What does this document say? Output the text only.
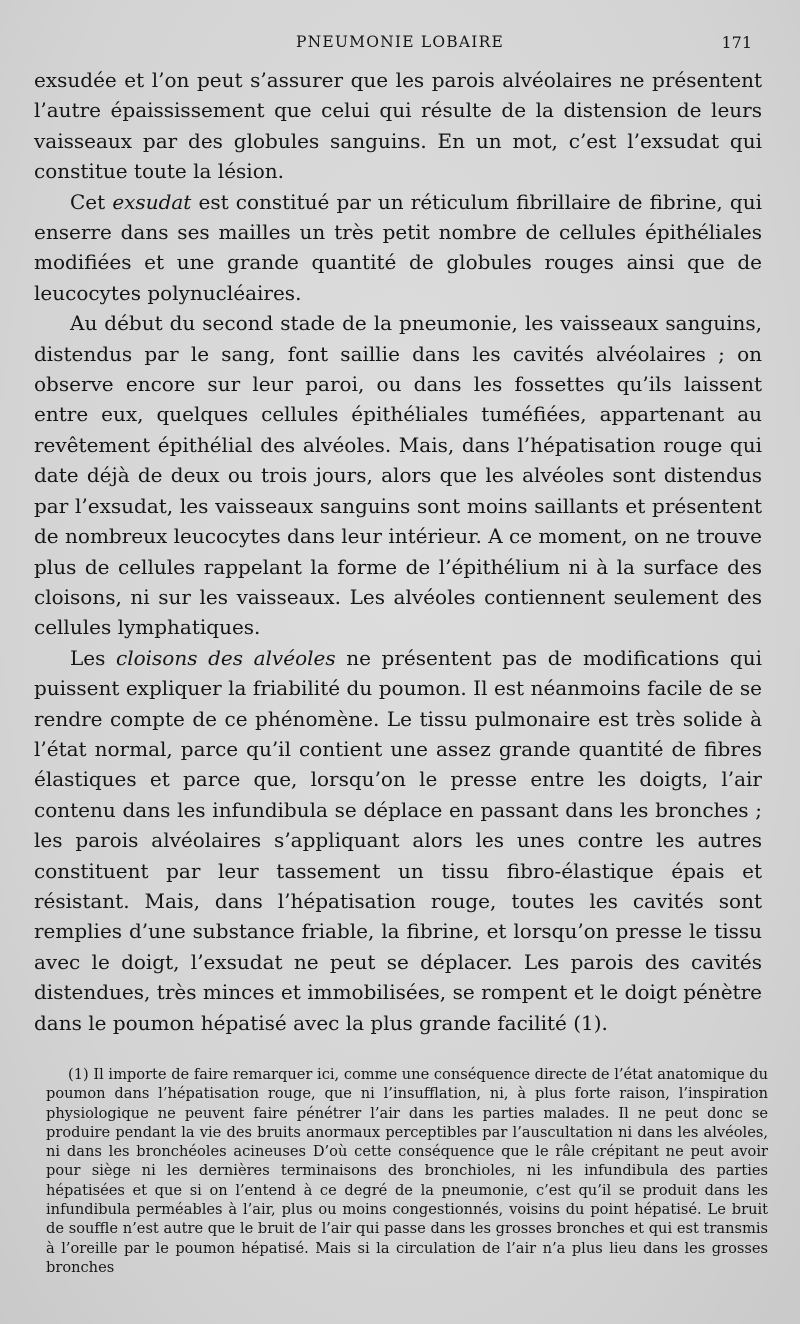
PNEUMONIE LOBAIRE	171

exsudée et l’on peut s’assurer que les parois alvéolaires ne présentent l’autre épaississement que celui qui résulte de la distension de leurs vaisseaux par des globules sanguins. En un mot, c’est l’exsudat qui constitue toute la lésion.

Cet exsudat est constitué par un réticulum fibrillaire de fibrine, qui enserre dans ses mailles un très petit nombre de cellules épithéliales modifiées et une grande quantité de globules rouges ainsi que de leucocytes polynucléaires.

Au début du second stade de la pneumonie, les vaisseaux sanguins, distendus par le sang, font saillie dans les cavités alvéolaires ; on observe encore sur leur paroi, ou dans les fossettes qu’ils laissent entre eux, quelques cellules épithéliales tuméfiées, appartenant au revêtement épithélial des alvéoles. Mais, dans l’hépatisation rouge qui date déjà de deux ou trois jours, alors que les alvéoles sont distendus par l’exsudat, les vaisseaux sanguins sont moins saillants et présentent de nombreux leucocytes dans leur intérieur. A ce moment, on ne trouve plus de cellules rappelant la forme de l’épithélium ni à la surface des cloisons, ni sur les vaisseaux. Les alvéoles contiennent seulement des cellules lymphatiques.

Les cloisons des alvéoles ne présentent pas de modifications qui puissent expliquer la friabilité du poumon. Il est néanmoins facile de se rendre compte de ce phénomène. Le tissu pulmonaire est très solide à l’état normal, parce qu’il contient une assez grande quantité de fibres élastiques et parce que, lorsqu’on le presse entre les doigts, l’air contenu dans les infundibula se déplace en passant dans les bronches ; les parois alvéolaires s’appliquant alors les unes contre les autres constituent par leur tassement un tissu fibro-élastique épais et résistant. Mais, dans l’hépatisation rouge, toutes les cavités sont remplies d’une substance friable, la fibrine, et lorsqu’on presse le tissu avec le doigt, l’exsudat ne peut se déplacer. Les parois des cavités distendues, très minces et immobilisées, se rompent et le doigt pénètre dans le poumon hépatisé avec la plus grande facilité (1).

(1) Il importe de faire remarquer ici, comme une conséquence directe de l’état anatomique du poumon dans l’hépatisation rouge, que ni l’insufflation, ni, à plus forte raison, l’inspiration physiologique ne peuvent faire pénétrer l’air dans les parties malades. Il ne peut donc se produire pendant la vie des bruits anormaux perceptibles par l’auscultation ni dans les alvéoles, ni dans les bronchéoles acineuses D’où cette conséquence que le râle crépitant ne peut avoir pour siège ni les dernières terminaisons des bronchioles, ni les infundibula des parties hépatisées et que si on l’entend à ce degré de la pneumonie, c’est qu’il se produit dans les infundibula perméables à l’air, plus ou moins congestionnés, voisins du point hépatisé. Le bruit de souffle n’est autre que le bruit de l’air qui passe dans les grosses bronches et qui est transmis à l’oreille par le poumon hépatisé. Mais si la circulation de l’air n’a plus lieu dans les grosses bronches
